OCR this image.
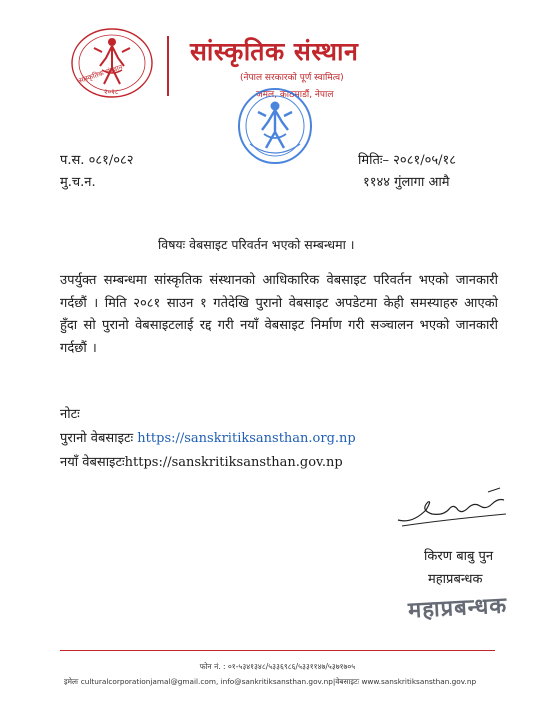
सांस्कृतिक संस्थान
२०२८
सांस्कृतिक संस्थान
(नेपाल सरकारको पूर्ण स्वामित्व)
जमल, काठमाडौं, नेपाल
प.स. ०८१/०८२
मु.च.न.
मितिः– २०८१/०५/१८
११४४ गुंलागा आमै
विषयः वेबसाइट परिवर्तन भएको सम्बन्धमा ।
उपर्युक्त सम्बन्धमा सांस्कृतिक संस्थानको आधिकारिक वेबसाइट परिवर्तन भएको जानकारी गर्दछौं । मिति २०८१ साउन १ गतेदेखि पुरानो वेबसाइट अपडेटमा केही समस्याहरु आएको हुँदा सो पुरानो वेबसाइटलाई रद्द गरी नयाँ वेबसाइट निर्माण गरी सञ्चालन भएको जानकारी गर्दछौं ।
नोटः
पुरानो वेबसाइटः https://sanskritiksansthan.org.np
नयाँ वेबसाइटःhttps://sanskritiksansthan.gov.np
किरण बाबु पुन
महाप्रबन्धक
महाप्रबन्धक
फोन नं. : ०१-५३४१३४८/५३३६९८६/५३३११४७/५३७१७०५
इमेलः culturalcorporationjamal@gmail.com, info@sankritiksansthan.gov.np|वेबसाइटः www.sanskritiksansthan.gov.np
